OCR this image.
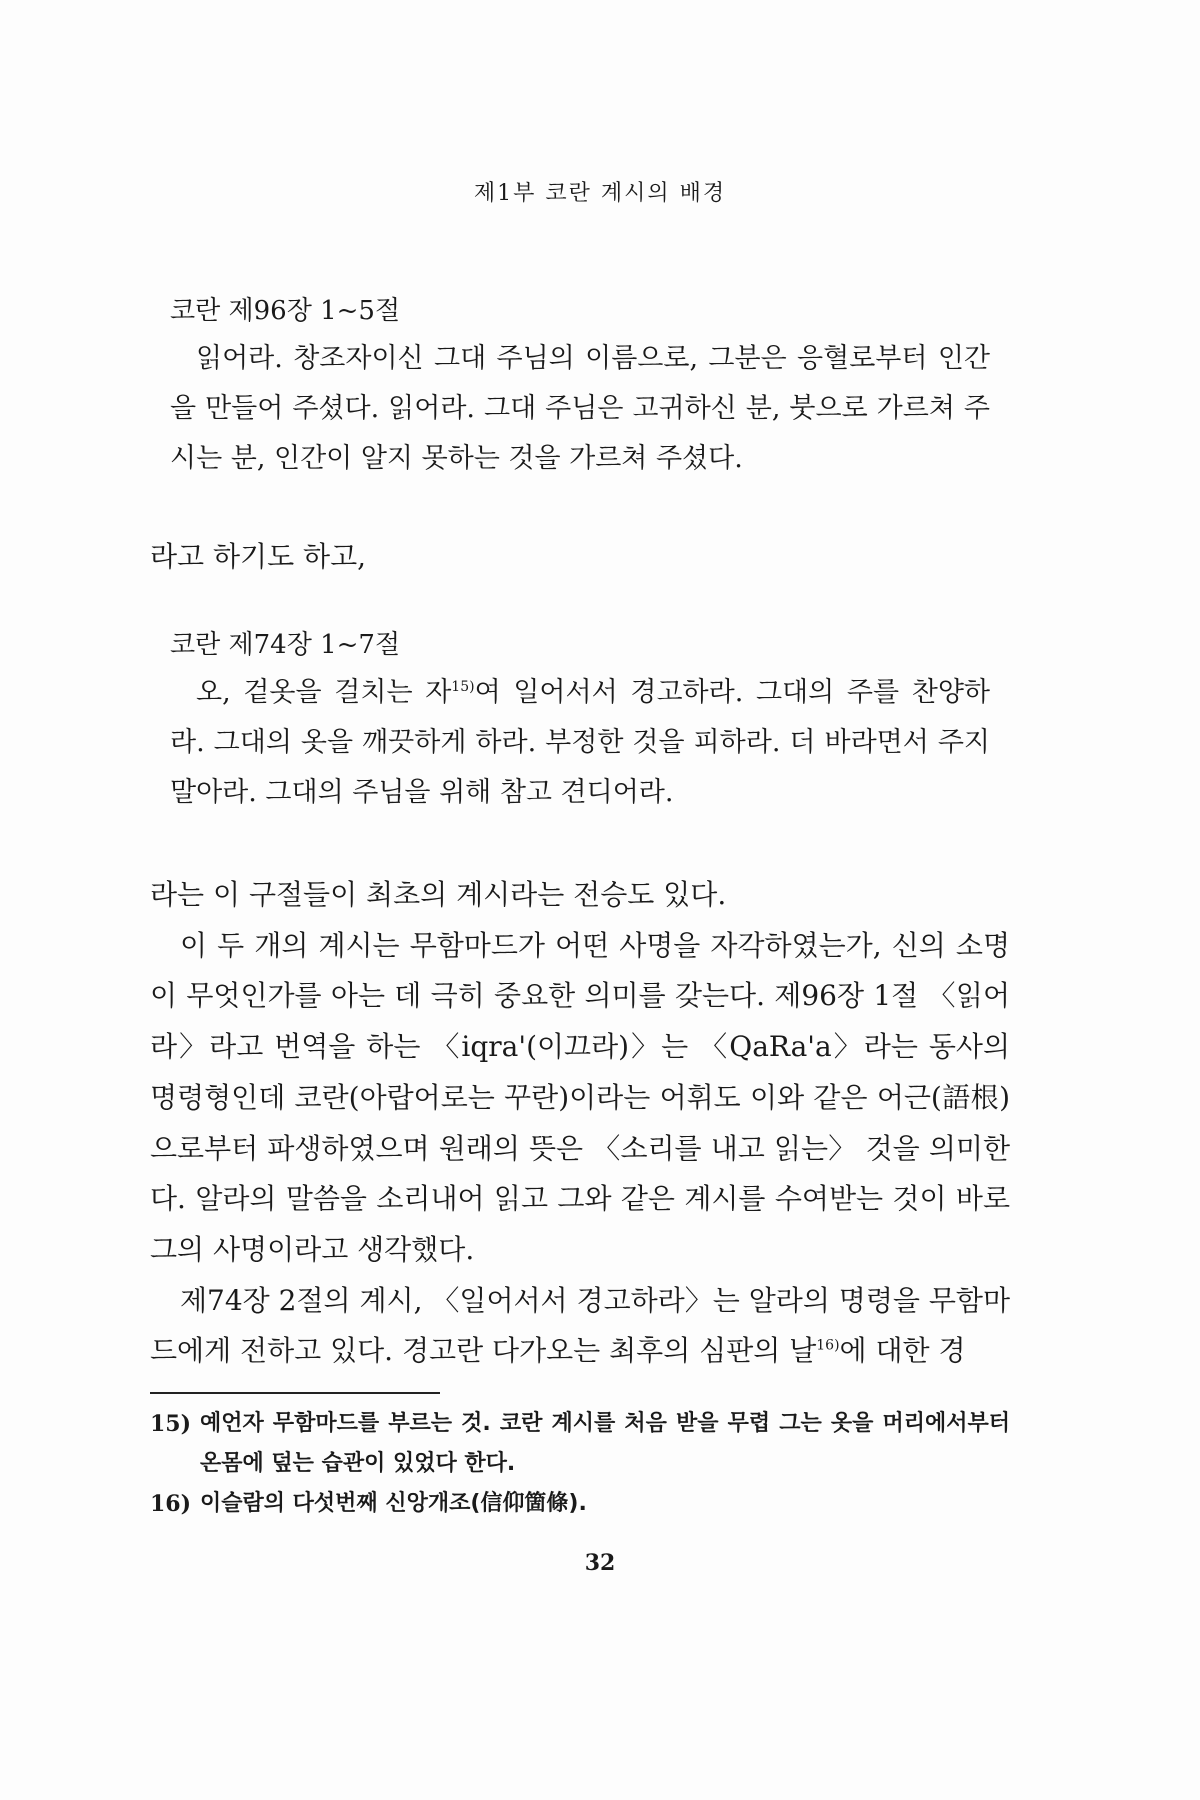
제1부 코란 계시의 배경
코란 제96장 1~5절
읽어라. 창조자이신 그대 주님의 이름으로, 그분은 응혈로부터 인간을 만들어 주셨다. 읽어라. 그대 주님은 고귀하신 분, 붓으로 가르쳐 주시는 분, 인간이 알지 못하는 것을 가르쳐 주셨다.
라고 하기도 하고,
코란 제74장 1~7절
오, 겉옷을 걸치는 자$^{15)}$여 일어서서 경고하라. 그대의 주를 찬양하라. 그대의 옷을 깨끗하게 하라. 부정한 것을 피하라. 더 바라면서 주지 말아라. 그대의 주님을 위해 참고 견디어라.

라는 이 구절들이 최초의 계시라는 전승도 있다.

이 두 개의 계시는 무함마드가 어떤 사명을 자각하였는가, 신의 소명이 무엇인가를 아는 데 극히 중요한 의미를 갖는다. 제96장 1절 〈읽어라〉라고 번역을 하는 〈iqra'(이끄라)〉는 〈QaRa'a〉라는 동사의 명령형인데 코란(아랍어로는 꾸란)이라는 어휘도 이와 같은 어근(語根)으로부터 파생하였으며 원래의 뜻은 〈소리를 내고 읽는〉 것을 의미한다. 알라의 말씀을 소리내어 읽고 그와 같은 계시를 수여받는 것이 바로 그의 사명이라고 생각했다.

제74장 2절의 계시, 〈일어서서 경고하라〉는 알라의 명령을 무함마드에게 전하고 있다. 경고란 다가오는 최후의 심판의 날$^{16)}$에 대한 경

15) 예언자 무함마드를 부르는 것. 코란 계시를 처음 받을 무렵 그는 옷을 머리에서부터 온몸에 덮는 습관이 있었다 한다.
16) 이슬람의 다섯번째 신앙개조(信仰箇條).
32
